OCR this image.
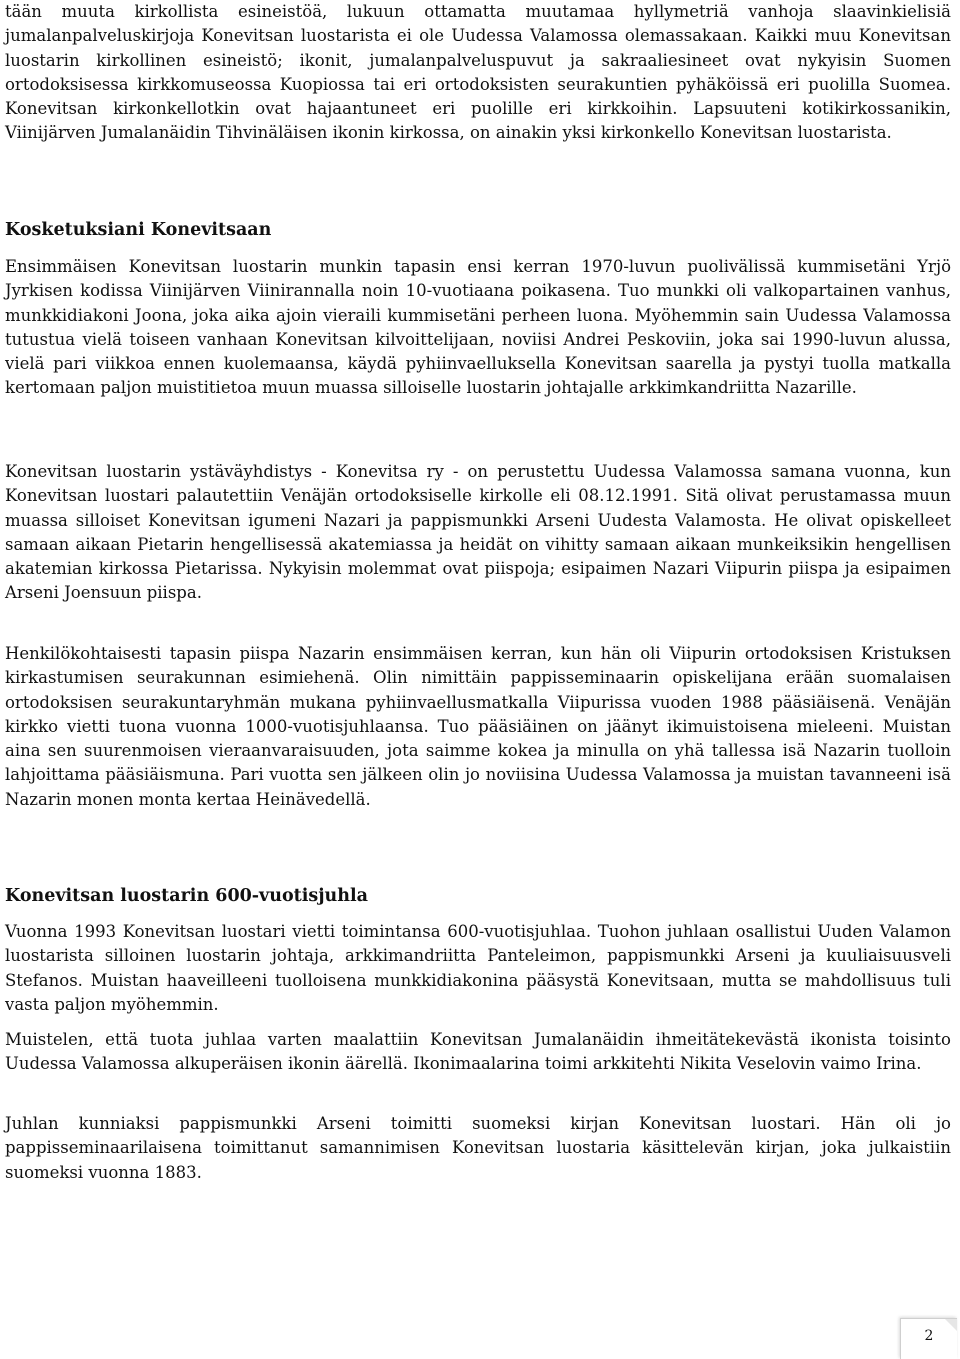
tään muuta kirkollista esineistöä, lukuun ottamatta muutamaa hyllymetriä vanhoja slaavinkielisiä jumalanpalveluskirjoja Konevitsan luostarista ei ole Uudessa Valamossa olemassakaan. Kaikki muu Konevitsan luostarin kirkollinen esineistö; ikonit, jumalanpalveluspuvut ja sakraaliesineet ovat nykyisin Suomen ortodoksisessa kirkkomuseossa Kuopiossa tai eri ortodoksisten seurakuntien pyhäköissä eri puolilla Suomea. Konevitsan kirkonkellotkin ovat hajaantuneet eri puolille eri kirkkoihin. Lapsuuteni kotikirkossanikin, Viinijärven Jumalanäidin Tihvinäläisen ikonin kirkossa, on ainakin yksi kirkonkello Konevitsan luostarista.

Kosketuksiani Konevitsaan

Ensimmäisen Konevitsan luostarin munkin tapasin ensi kerran 1970-luvun puolivälissä kummisetäni Yrjö Jyrkisen kodissa Viinijärven Viinirannalla noin 10-vuotiaana poikasena. Tuo munkki oli valkopartainen vanhus, munkkidiakoni Joona, joka aika ajoin vieraili kummisetäni perheen luona. Myöhemmin sain Uudessa Valamossa tutustua vielä toiseen vanhaan Konevitsan kilvoittelijaan, noviisi Andrei Peskoviin, joka sai 1990-luvun alussa, vielä pari viikkoa ennen kuolemaansa, käydä pyhiinvaelluksella Konevitsan saarella ja pystyi tuolla matkalla kertomaan paljon muistitietoa muun muassa silloiselle luostarin johtajalle arkkimkandriitta Nazarille.

Konevitsan luostarin ystäväyhdistys - Konevitsa ry - on perustettu Uudessa Valamossa samana vuonna, kun Konevitsan luostari palautettiin Venäjän ortodoksiselle kirkolle eli 08.12.1991. Sitä olivat perustamassa muun muassa silloiset Konevitsan igumeni Nazari ja pappismunkki Arseni Uudesta Valamosta. He olivat opiskelleet samaan aikaan Pietarin hengellisessä akatemiassa ja heidät on vihitty samaan aikaan munkeiksikin hengellisen akatemian kirkossa Pietarissa. Nykyisin molemmat ovat piispoja; esipaimen Nazari Viipurin piispa ja esipaimen Arseni Joensuun piispa.

Henkilökohtaisesti tapasin piispa Nazarin ensimmäisen kerran, kun hän oli Viipurin ortodoksisen Kristuksen kirkastumisen seurakunnan esimiehenä. Olin nimittäin pappisseminaarin opiskelijana erään suomalaisen ortodoksisen seurakuntaryhmän mukana pyhiinvaellusmatkalla Viipurissa vuoden 1988 pääsiäisenä. Venäjän kirkko vietti tuona vuonna 1000-vuotisjuhlaansa. Tuo pääsiäinen on jäänyt ikimuistoisena mieleeni. Muistan aina sen suurenmoisen vieraanvaraisuuden, jota saimme kokea ja minulla on yhä tallessa isä Nazarin tuolloin lahjoittama pääsiäismuna. Pari vuotta sen jälkeen olin jo noviisina Uudessa Valamossa ja muistan tavanneeni isä Nazarin monen monta kertaa Heinävedellä.

Konevitsan luostarin 600-vuotisjuhla

Vuonna 1993 Konevitsan luostari vietti toimintansa 600-vuotisjuhlaa. Tuohon juhlaan osallistui Uuden Valamon luostarista silloinen luostarin johtaja, arkkimandriitta Panteleimon, pappismunkki Arseni ja kuuliaisuusveli Stefanos. Muistan haaveilleeni tuolloisena munkkidiakonina pääsystä Konevitsaan, mutta se mahdollisuus tuli vasta paljon myöhemmin.

Muistelen, että tuota juhlaa varten maalattiin Konevitsan Jumalanäidin ihmeitätekevästä ikonista toisinto Uudessa Valamossa alkuperäisen ikonin äärellä. Ikonimaalarina toimi arkkitehti Nikita Veselovin vaimo Irina.

Juhlan kunniaksi pappismunkki Arseni toimitti suomeksi kirjan Konevitsan luostari. Hän oli jo pappisseminaarilaisena toimittanut samannimisen Konevitsan luostaria käsittelevän kirjan, joka julkaistiin suomeksi vuonna 1883.

2
